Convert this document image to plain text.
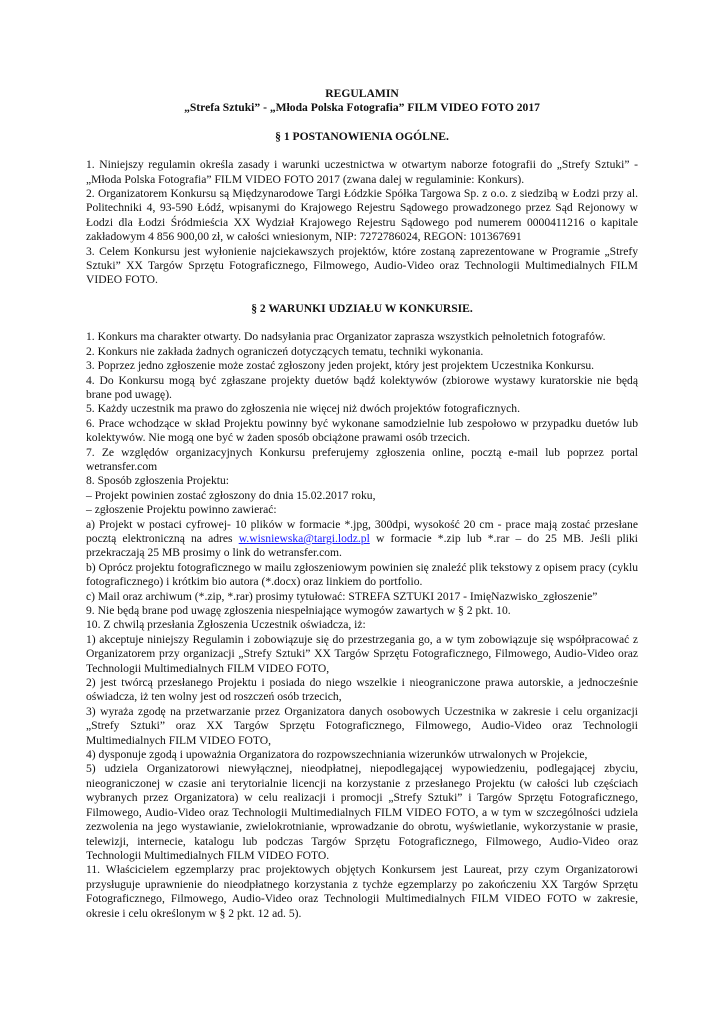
REGULAMIN

„Strefa Sztuki” - „Młoda Polska Fotografia” FILM VIDEO FOTO 2017

§ 1 POSTANOWIENIA OGÓLNE.

1. Niniejszy regulamin określa zasady i warunki uczestnictwa w otwartym naborze fotografii do „Strefy Sztuki” - „Młoda Polska Fotografia” FILM VIDEO FOTO 2017 (zwana dalej w regulaminie: Konkurs).

2. Organizatorem Konkursu są Międzynarodowe Targi Łódzkie Spółka Targowa Sp. z o.o. z siedzibą w Łodzi przy al. Politechniki 4, 93-590 Łódź, wpisanymi do Krajowego Rejestru Sądowego prowadzonego przez Sąd Rejonowy w Łodzi dla Łodzi Śródmieścia XX Wydział Krajowego Rejestru Sądowego pod numerem 0000411216 o kapitale zakładowym 4 856 900,00 zł, w całości wniesionym, NIP: 7272786024, REGON: 101367691

3. Celem Konkursu jest wyłonienie najciekawszych projektów, które zostaną zaprezentowane w Programie „Strefy Sztuki” XX Targów Sprzętu Fotograficznego, Filmowego, Audio-Video oraz Technologii Multimedialnych FILM VIDEO FOTO.

§ 2 WARUNKI UDZIAŁU W KONKURSIE.

1. Konkurs ma charakter otwarty. Do nadsyłania prac Organizator zaprasza wszystkich pełnoletnich fotografów.

2. Konkurs nie zakłada żadnych ograniczeń dotyczących tematu, techniki wykonania.

3. Poprzez jedno zgłoszenie może zostać zgłoszony jeden projekt, który jest projektem Uczestnika Konkursu.

4. Do Konkursu mogą być zgłaszane projekty duetów bądź kolektywów (zbiorowe wystawy kuratorskie nie będą brane pod uwagę).

5. Każdy uczestnik ma prawo do zgłoszenia nie więcej niż dwóch projektów fotograficznych.

6. Prace wchodzące w skład Projektu powinny być wykonane samodzielnie lub zespołowo w przypadku duetów lub kolektywów. Nie mogą one być w żaden sposób obciążone prawami osób trzecich.

7. Ze względów organizacyjnych Konkursu preferujemy zgłoszenia online, pocztą e-mail lub poprzez portal wetransfer.com

8. Sposób zgłoszenia Projektu:

– Projekt powinien zostać zgłoszony do dnia 15.02.2017 roku,

– zgłoszenie Projektu powinno zawierać:

a) Projekt w postaci cyfrowej- 10 plików w formacie *.jpg, 300dpi, wysokość 20 cm - prace mają zostać przesłane pocztą elektroniczną na adres w.wisniewska@targi.lodz.pl w formacie *.zip lub *.rar – do 25 MB. Jeśli pliki przekraczają 25 MB prosimy o link do wetransfer.com.

b) Oprócz projektu fotograficznego w mailu zgłoszeniowym powinien się znaleźć plik tekstowy z opisem pracy (cyklu fotograficznego) i krótkim bio autora (*.docx) oraz linkiem do portfolio.

c) Mail oraz archiwum (*.zip, *.rar) prosimy tytułować: STREFA SZTUKI 2017 - ImięNazwisko_zgłoszenie”

9. Nie będą brane pod uwagę zgłoszenia niespełniające wymogów zawartych w § 2 pkt. 10.

10. Z chwilą przesłania Zgłoszenia Uczestnik oświadcza, iż:

1) akceptuje niniejszy Regulamin i zobowiązuje się do przestrzegania go, a w tym zobowiązuje się współpracować z Organizatorem przy organizacji „Strefy Sztuki” XX Targów Sprzętu Fotograficznego, Filmowego, Audio-Video oraz Technologii Multimedialnych FILM VIDEO FOTO,

2) jest twórcą przesłanego Projektu i posiada do niego wszelkie i nieograniczone prawa autorskie, a jednocześnie oświadcza, iż ten wolny jest od roszczeń osób trzecich,

3) wyraża zgodę na przetwarzanie przez Organizatora danych osobowych Uczestnika w zakresie i celu organizacji „Strefy Sztuki” oraz XX Targów Sprzętu Fotograficznego, Filmowego, Audio-Video oraz Technologii Multimedialnych FILM VIDEO FOTO,

4) dysponuje zgodą i upoważnia Organizatora do rozpowszechniania wizerunków utrwalonych w Projekcie,

5) udziela Organizatorowi niewyłącznej, nieodpłatnej, niepodlegającej wypowiedzeniu, podlegającej zbyciu, nieograniczonej w czasie ani terytorialnie licencji na korzystanie z przesłanego Projektu (w całości lub częściach wybranych przez Organizatora) w celu realizacji i promocji „Strefy Sztuki” i Targów Sprzętu Fotograficznego, Filmowego, Audio-Video oraz Technologii Multimedialnych FILM VIDEO FOTO, a w tym w szczególności udziela zezwolenia na jego wystawianie, zwielokrotnianie, wprowadzanie do obrotu, wyświetlanie, wykorzystanie w prasie, telewizji, internecie, katalogu lub podczas Targów Sprzętu Fotograficznego, Filmowego, Audio-Video oraz Technologii Multimedialnych FILM VIDEO FOTO.

11. Właścicielem egzemplarzy prac projektowych objętych Konkursem jest Laureat, przy czym Organizatorowi przysługuje uprawnienie do nieodpłatnego korzystania z tychże egzemplarzy po zakończeniu XX Targów Sprzętu Fotograficznego, Filmowego, Audio-Video oraz Technologii Multimedialnych FILM VIDEO FOTO w zakresie, okresie i celu określonym w § 2 pkt. 12 ad. 5).
